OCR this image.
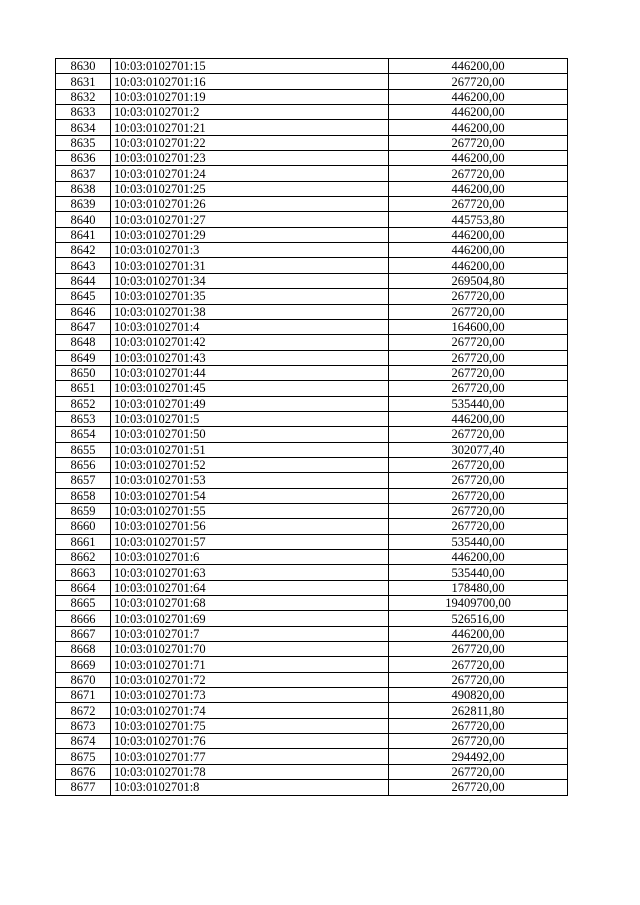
8630	10:03:0102701:15	446200,00
8631	10:03:0102701:16	267720,00
8632	10:03:0102701:19	446200,00
8633	10:03:0102701:2	446200,00
8634	10:03:0102701:21	446200,00
8635	10:03:0102701:22	267720,00
8636	10:03:0102701:23	446200,00
8637	10:03:0102701:24	267720,00
8638	10:03:0102701:25	446200,00
8639	10:03:0102701:26	267720,00
8640	10:03:0102701:27	445753,80
8641	10:03:0102701:29	446200,00
8642	10:03:0102701:3	446200,00
8643	10:03:0102701:31	446200,00
8644	10:03:0102701:34	269504,80
8645	10:03:0102701:35	267720,00
8646	10:03:0102701:38	267720,00
8647	10:03:0102701:4	164600,00
8648	10:03:0102701:42	267720,00
8649	10:03:0102701:43	267720,00
8650	10:03:0102701:44	267720,00
8651	10:03:0102701:45	267720,00
8652	10:03:0102701:49	535440,00
8653	10:03:0102701:5	446200,00
8654	10:03:0102701:50	267720,00
8655	10:03:0102701:51	302077,40
8656	10:03:0102701:52	267720,00
8657	10:03:0102701:53	267720,00
8658	10:03:0102701:54	267720,00
8659	10:03:0102701:55	267720,00
8660	10:03:0102701:56	267720,00
8661	10:03:0102701:57	535440,00
8662	10:03:0102701:6	446200,00
8663	10:03:0102701:63	535440,00
8664	10:03:0102701:64	178480,00
8665	10:03:0102701:68	19409700,00
8666	10:03:0102701:69	526516,00
8667	10:03:0102701:7	446200,00
8668	10:03:0102701:70	267720,00
8669	10:03:0102701:71	267720,00
8670	10:03:0102701:72	267720,00
8671	10:03:0102701:73	490820,00
8672	10:03:0102701:74	262811,80
8673	10:03:0102701:75	267720,00
8674	10:03:0102701:76	267720,00
8675	10:03:0102701:77	294492,00
8676	10:03:0102701:78	267720,00
8677	10:03:0102701:8	267720,00
